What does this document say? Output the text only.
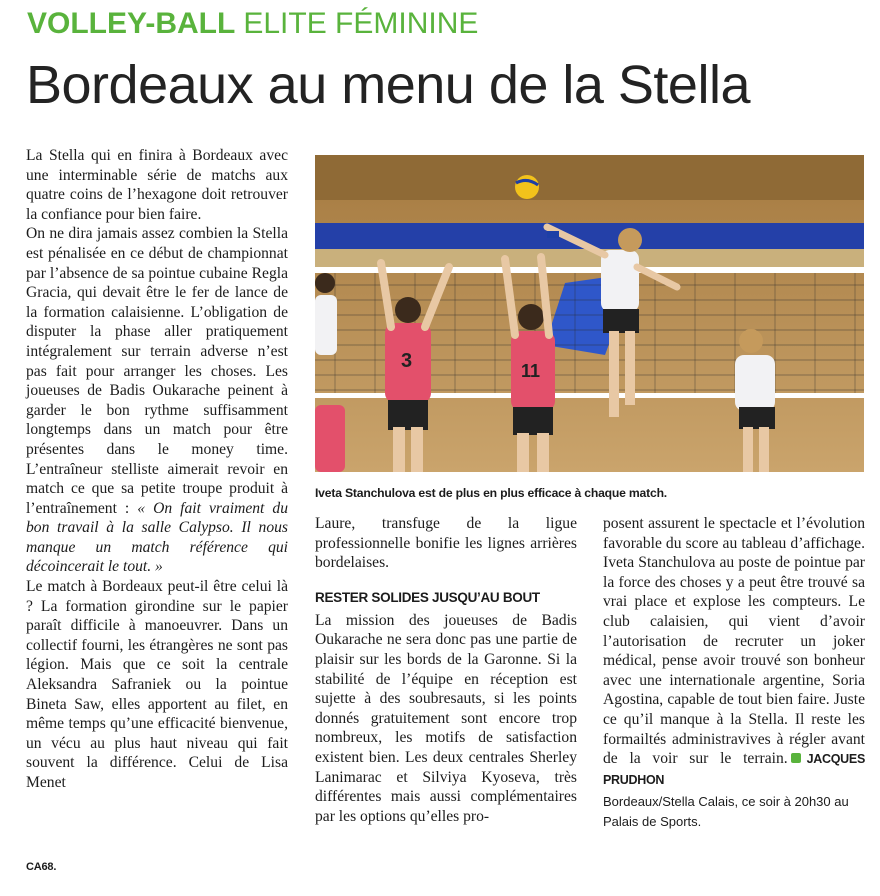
VOLLEY-BALL ELITE FÉMININE
Bordeaux au menu de la Stella

La Stella qui en finira à Bordeaux avec une interminable série de matchs aux quatre coins de l’hexagone doit retrouver la confiance pour bien faire.

On ne dira jamais assez combien la Stella est pénalisée en ce début de championnat par l’absence de sa pointue cubaine Regla Gracia, qui devait être le fer de lance de la formation calaisienne. L’obligation de disputer la phase aller pratiquement intégralement sur terrain adverse n’est pas fait pour arranger les choses. Les joueuses de Badis Oukarache peinent à garder le bon rythme suffisamment longtemps dans un match pour être présentes dans le money time. L’entraîneur stelliste aimerait revoir en match ce que sa petite troupe produit à l’entraînement : « On fait vraiment du bon travail à la salle Calypso. Il nous manque un match référence qui décoincerait le tout. »

Le match à Bordeaux peut-il être celui là ? La formation girondine sur le papier paraît difficile à manoeuvrer. Dans un collectif fourni, les étrangères ne sont pas légion. Mais que ce soit la centrale Aleksandra Safraniek ou la pointue Bineta Saw, elles apportent au filet, en même temps qu’une efficacité bienvenue, un vécu au plus haut niveau qui fait souvent la différence. Celui de Lisa Menet

3	11
Iveta Stanchulova est de plus en plus efficace à chaque match.

Laure, transfuge de la ligue professionnelle bonifie les lignes arrières bordelaises.

RESTER SOLIDES JUSQU’AU BOUT

La mission des joueuses de Badis Oukarache ne sera donc pas une partie de plaisir sur les bords de la Garonne. Si la stabilité de l’équipe en réception est sujette à des soubresauts, si les points donnés gratuitement sont encore trop nombreux, les motifs de satisfaction existent bien. Les deux centrales Sherley Lanimarac et Silviya Kyoseva, très différentes mais aussi complémentaires par les options qu’elles pro-

posent assurent le spectacle et l’évolution favorable du score au tableau d’affichage. Iveta Stanchulova au poste de pointue par la force des choses y a peut être trouvé sa vrai place et explose les compteurs. Le club calaisien, qui vient d’avoir l’autorisation de recruter un joker médical, pense avoir trouvé son bonheur avec une internationale argentine, Soria Agostina, capable de tout bien faire. Juste ce qu’il manque à la Stella. Il reste les formailtés administravives à régler avant de la voir sur le terrain. JACQUES PRUDHON

Bordeaux/Stella Calais, ce soir à 20h30 au Palais de Sports.

CA68.
